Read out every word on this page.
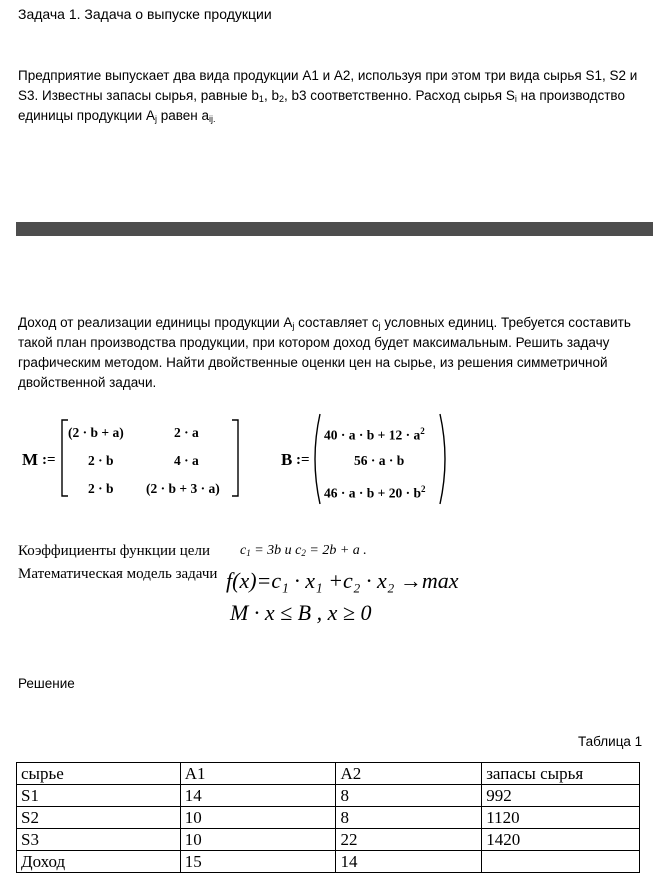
Задача 1. Задача о выпуске продукции
Предприятие выпускает два вида продукции А1 и А2, используя при этом три вида сырья S1, S2 и S3. Известны запасы сырья, равные $b_1$, $b_2$, b3 соответственно. Расход сырья $S_i$ на производство единицы продукции $A_j$ равен $a_{ij.}$
Доход от реализации единицы продукции $A_j$ составляет $c_j$ условных единиц. Требуется составить такой план производства продукции, при котором доход будет максимальным. Решить задачу графическим методом. Найти двойственные оценки цен на сырье, из решения симметричной двойственной задачи.
M :=
(2 · b + a)	2 · a
2 · b	4 · a
2 · b (2 · b + 3 · a)
B :=
$40 \cdot a \cdot b + 12 \cdot a^2$
56 · a · b
$46 \cdot a \cdot b + 20 \cdot b^2$
Коэффициенты функции цели $c_1 = 3b$ и $c_2 = 2b + a$ .
Математическая модель задачи f(x)=c₁ · x₁ +c₂ · x₂ →max
M · x ≤ B , x ≥ 0
Решение
Таблица 1
сырье	А1	А2	запасы сырья
S1	14	8	992
S2	10	8	1120
S3	10	22	1420
Доход	15	14	
